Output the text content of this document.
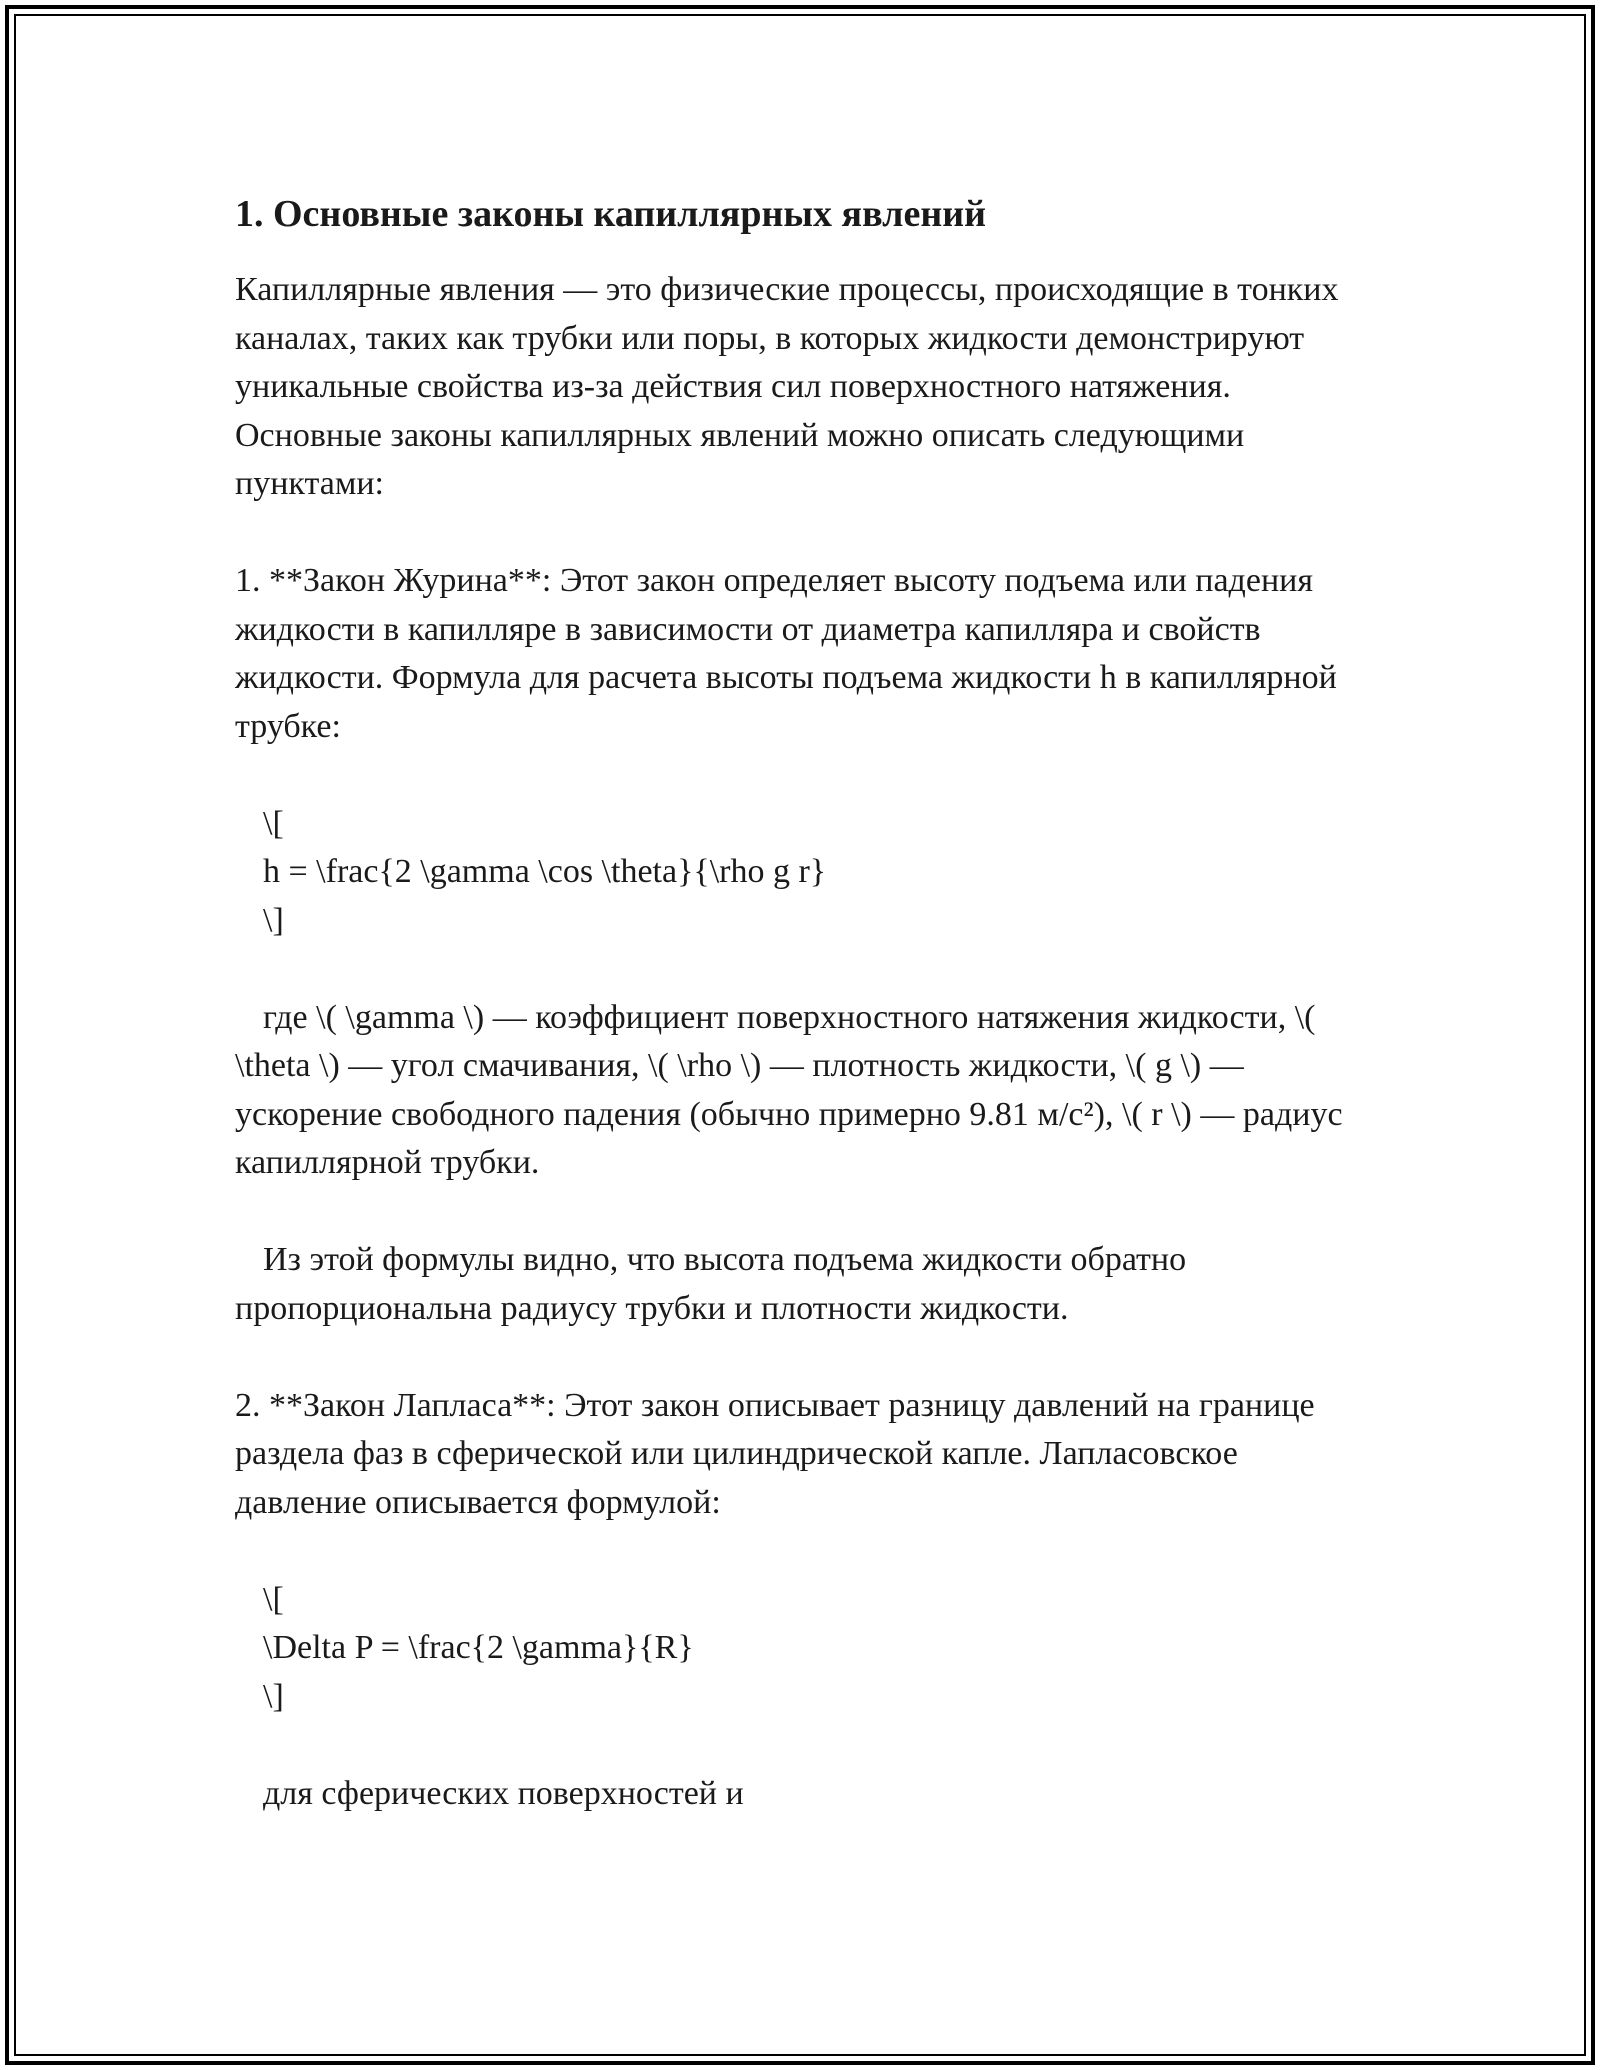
1. Основные законы капиллярных явлений

Капиллярные явления — это физические процессы, происходящие в тонких каналах, таких как трубки или поры, в которых жидкости демонстрируют уникальные свойства из-за действия сил поверхностного натяжения. Основные законы капиллярных явлений можно описать следующими пунктами:

1. **Закон Журина**: Этот закон определяет высоту подъема или падения жидкости в капилляре в зависимости от диаметра капилляра и свойств жидкости. Формула для расчета высоты подъема жидкости h в капиллярной трубке:

\[
h = \frac{2 \gamma \cos \theta}{\rho g r}
\]

где \( \gamma \) — коэффициент поверхностного натяжения жидкости, \( \theta \) — угол смачивания, \( \rho \) — плотность жидкости, \( g \) — ускорение свободного падения (обычно примерно 9.81 м/с²), \( r \) — радиус капиллярной трубки.

Из этой формулы видно, что высота подъема жидкости обратно пропорциональна радиусу трубки и плотности жидкости.

2. **Закон Лапласа**: Этот закон описывает разницу давлений на границе раздела фаз в сферической или цилиндрической капле. Лапласовское давление описывается формулой:

\[
\Delta P = \frac{2 \gamma}{R}
\]
для сферических поверхностей и
